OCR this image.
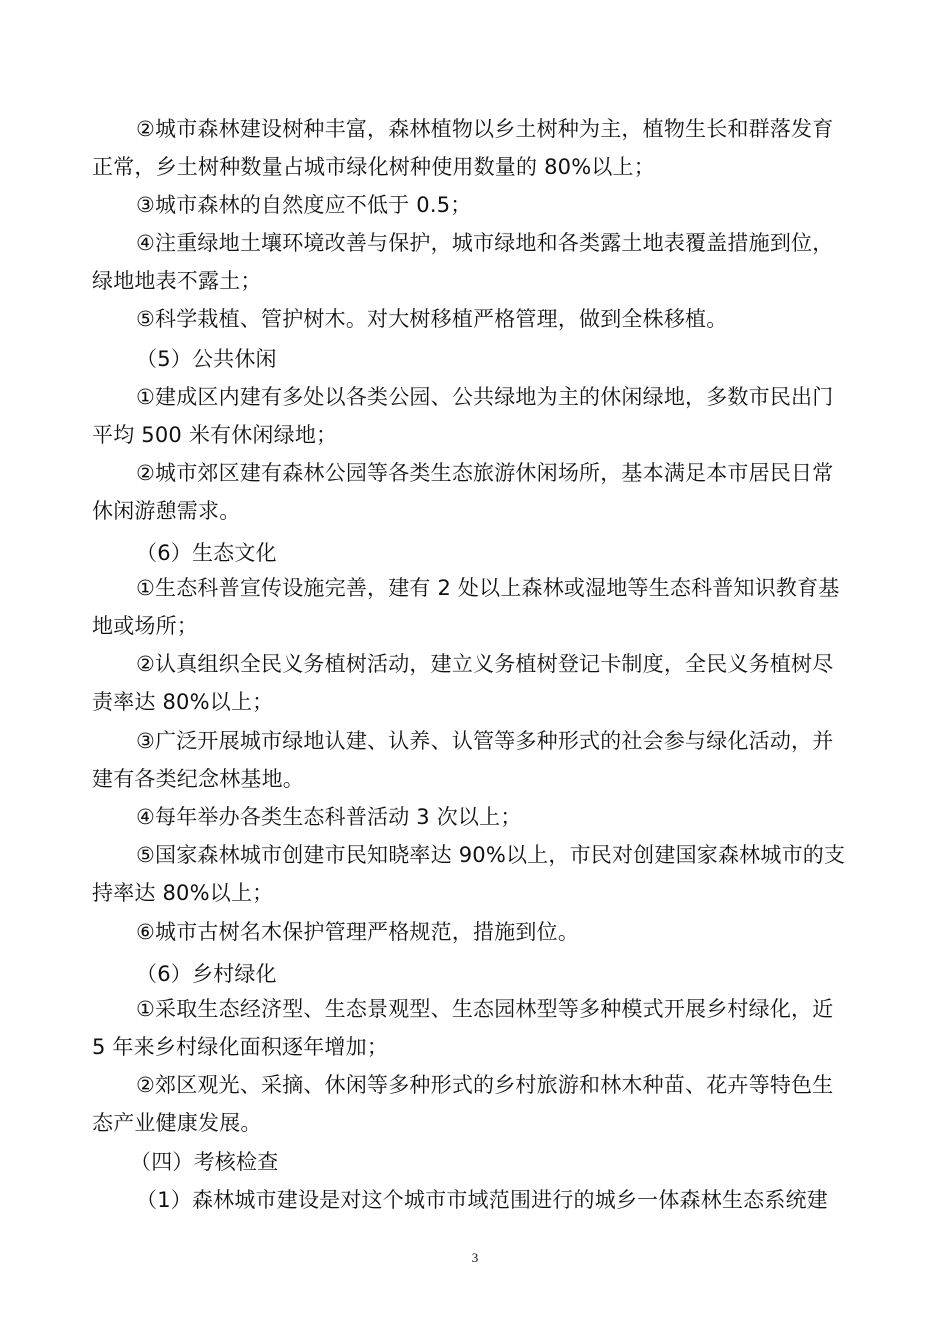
②城市森林建设树种丰富，森林植物以乡土树种为主，植物生长和群落发育
正常，乡土树种数量占城市绿化树种使用数量的 80%以上；
③城市森林的自然度应不低于 0.5；
④注重绿地土壤环境改善与保护，城市绿地和各类露土地表覆盖措施到位，
绿地地表不露土；
⑤科学栽植、管护树木。对大树移植严格管理，做到全株移植。
（5）公共休闲
①建成区内建有多处以各类公园、公共绿地为主的休闲绿地，多数市民出门
平均 500 米有休闲绿地；
②城市郊区建有森林公园等各类生态旅游休闲场所，基本满足本市居民日常
休闲游憩需求。
（6）生态文化
①生态科普宣传设施完善，建有 2 处以上森林或湿地等生态科普知识教育基
地或场所；
②认真组织全民义务植树活动，建立义务植树登记卡制度，全民义务植树尽
责率达 80%以上；
③广泛开展城市绿地认建、认养、认管等多种形式的社会参与绿化活动，并
建有各类纪念林基地。
④每年举办各类生态科普活动 3 次以上；
⑤国家森林城市创建市民知晓率达 90%以上，市民对创建国家森林城市的支
持率达 80%以上；
⑥城市古树名木保护管理严格规范，措施到位。
（6）乡村绿化
①采取生态经济型、生态景观型、生态园林型等多种模式开展乡村绿化，近
5 年来乡村绿化面积逐年增加；
②郊区观光、采摘、休闲等多种形式的乡村旅游和林木种苗、花卉等特色生
态产业健康发展。
（四）考核检查
（1）森林城市建设是对这个城市市域范围进行的城乡一体森林生态系统建
3
